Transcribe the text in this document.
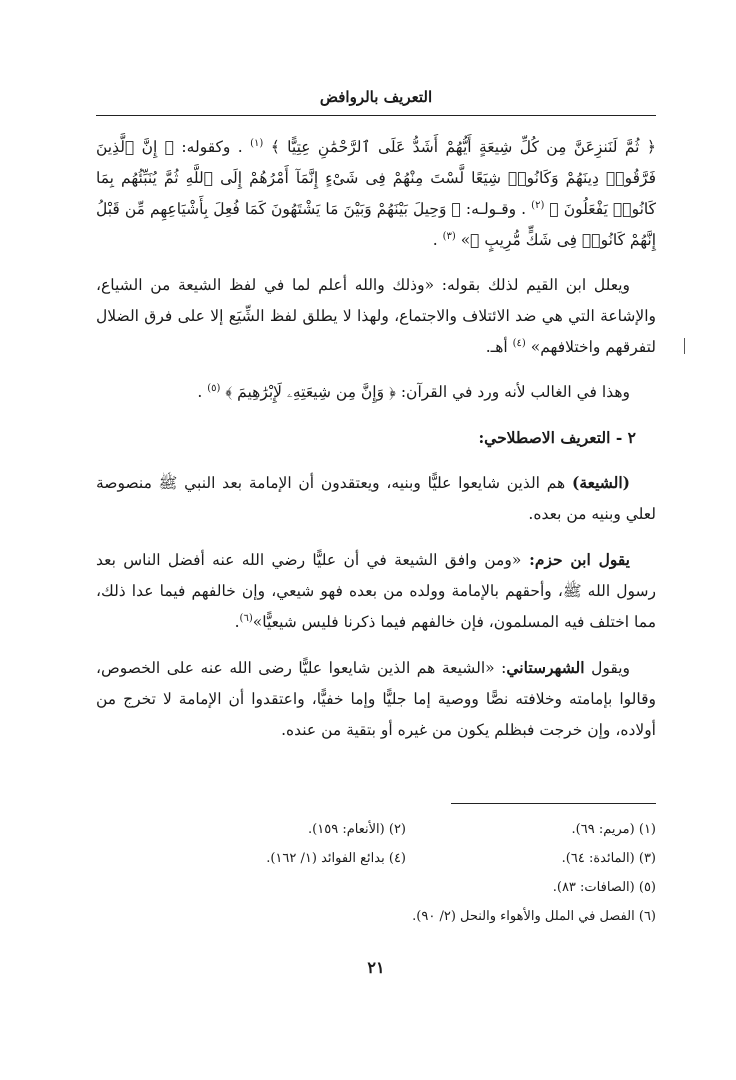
التعريف بالروافض

﴿ ثُمَّ لَنَنزِعَنَّ مِن كُلِّ شِيعَةٍ أَيُّهُمْ أَشَدُّ عَلَى ٱلرَّحْمَٰنِ عِتِيًّا ﴾ $^{(١)}$ . وكقوله: ﴿ إِنَّ ٱلَّذِينَ فَرَّقُوا۟ دِينَهُمْ وَكَانُوا۟ شِيَعًا لَّسْتَ مِنْهُمْ فِى شَىْءٍ إِنَّمَآ أَمْرُهُمْ إِلَى ٱللَّهِ ثُمَّ يُنَبِّئُهُم بِمَا كَانُوا۟ يَفْعَلُونَ ﴾ $^{(٢)}$ . وقـولـه: ﴿ وَحِيلَ بَيْنَهُمْ وَبَيْنَ مَا يَشْتَهُونَ كَمَا فُعِلَ بِأَشْيَاعِهِم مِّن قَبْلُ إِنَّهُمْ كَانُوا۟ فِى شَكٍّ مُّرِيبٍ ﴾» $^{(٣)}$ .

ويعلل ابن القيم لذلك بقوله: «وذلك والله أعلم لما في لفظ الشيعة من الشياع، والإشاعة التي هي ضد الائتلاف والاجتماع، ولهذا لا يطلق لفظ الشِّيَع إلا على فرق الضلال لتفرقهم واختلافهم» $^{(٤)}$ أهـ.

وهذا في الغالب لأنه ورد في القرآن: ﴿ وَإِنَّ مِن شِيعَتِهِۦ لَإِبْرَٰهِيمَ ﴾ $^{(٥)}$ .

٢ - التعريف الاصطلاحي:

(الشيعة) هم الذين شايعوا عليًّا وبنيه، ويعتقدون أن الإمامة بعد النبي ﷺ منصوصة لعلي وبنيه من بعده.

يقول ابن حزم: «ومن وافق الشيعة في أن عليًّا رضي الله عنه أفضل الناس بعد رسول الله ﷺ، وأحقهم بالإمامة وولده من بعده فهو شيعي، وإن خالفهم فيما عدا ذلك، مما اختلف فيه المسلمون، فإن خالفهم فيما ذكرنا فليس شيعيًّا»$^{(٦)}$.

ويقول الشهرستاني: «الشيعة هم الذين شايعوا عليًّا رضى الله عنه على الخصوص، وقالوا بإمامته وخلافته نصًّا ووصية إما جليًّا وإما خفيًّا، واعتقدوا أن الإمامة لا تخرج من أولاده، وإن خرجت فبظلم يكون من غيره أو بتقية من عنده.

(١) (مريم: ٦٩).
(٢) (الأنعام: ١٥٩).
(٣) (المائدة: ٦٤).
(٤) بدائع الفوائد (١/ ١٦٢).
(٥) (الصافات: ٨٣).
(٦) الفصل في الملل والأهواء والنحل (٢/ ٩٠).
٢١
